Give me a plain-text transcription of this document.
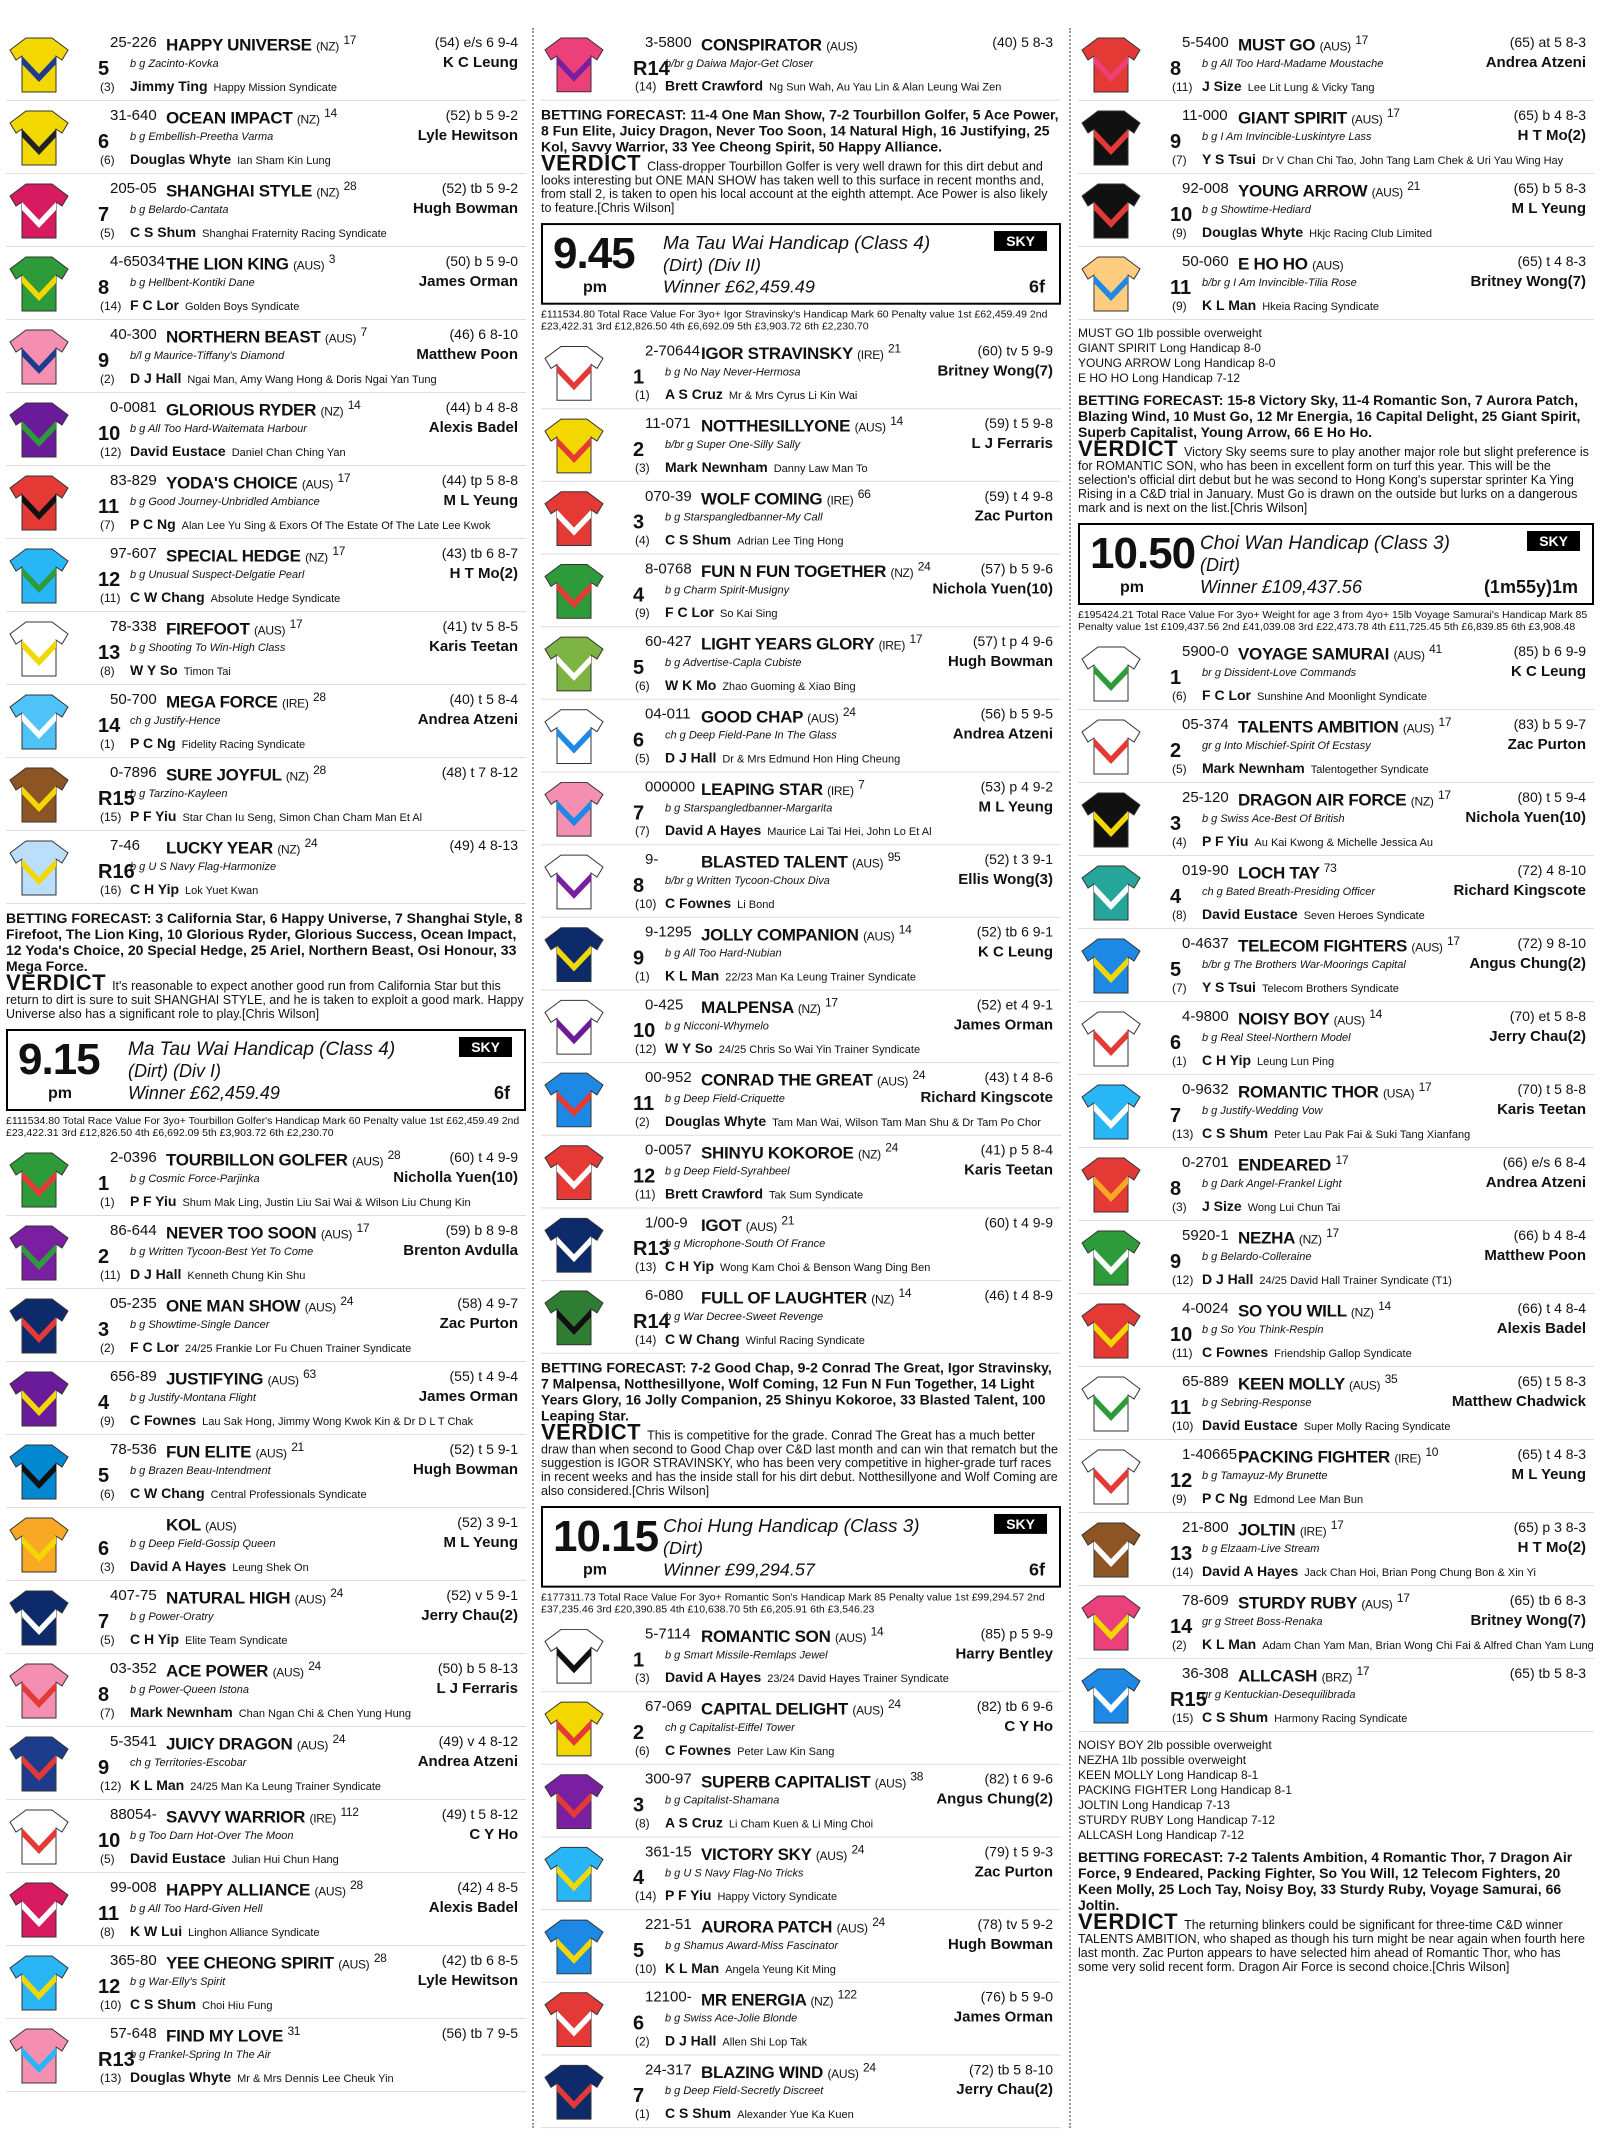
25-226 HAPPY UNIVERSE (NZ) $^{17}$	(54) e/s 6 9-4
5
(3)
b g Zacinto-Kovka	K C Leung
Jimmy Ting Happy Mission Syndicate
31-640 OCEAN IMPACT (NZ) $^{14}$	(52) b 5 9-2
6
(6)
b g Embellish-Preetha Varma	Lyle Hewitson
Douglas Whyte Ian Sham Kin Lung
205-05 SHANGHAI STYLE (NZ) $^{28}$	(52) tb 5 9-2
7
(5)
b g Belardo-Cantata	Hugh Bowman
C S Shum Shanghai Fraternity Racing Syndicate
4-65034 THE LION KING (AUS) $^3$	(50) b 5 9-0
8
(14)
b g Hellbent-Kontiki Dane	James Orman
F C Lor Golden Boys Syndicate
40-300 NORTHERN BEAST (AUS) $^7$	(46) 6 8-10
9
(2)
b/l g Maurice-Tiffany's Diamond	Matthew Poon
D J Hall Ngai Man, Amy Wang Hong & Doris Ngai Yan Tung
0-0081 GLORIOUS RYDER (NZ) $^{14}$	(44) b 4 8-8
10
(12)
b g All Too Hard-Waitemata Harbour	Alexis Badel
David Eustace Daniel Chan Ching Yan
83-829 YODA'S CHOICE (AUS) $^{17}$	(44) tp 5 8-8
11
(7)
b g Good Journey-Unbridled Ambiance	M L Yeung
P C Ng Alan Lee Yu Sing & Exors Of The Estate Of The Late Lee Kwok
97-607 SPECIAL HEDGE (NZ) $^{17}$	(43) tb 6 8-7
12
(11)
b g Unusual Suspect-Delgatie Pearl	H T Mo(2)
C W Chang Absolute Hedge Syndicate
78-338 FIREFOOT (AUS) $^{17}$	(41) tv 5 8-5
13
(8)
b g Shooting To Win-High Class	Karis Teetan
W Y So Timon Tai
50-700 MEGA FORCE (IRE) $^{28}$	(40) t 5 8-4
14
(1)
ch g Justify-Hence	Andrea Atzeni
P C Ng Fidelity Racing Syndicate
0-7896 SURE JOYFUL (NZ) $^{28}$	(48) t 7 8-12
R15
(15)
b g Tarzino-Kayleen
P F Yiu Star Chan Iu Seng, Simon Chan Cham Man Et Al
7-46 LUCKY YEAR (NZ) $^{24}$	(49) 4 8-13
R16
(16)
b g U S Navy Flag-Harmonize
C H Yip Lok Yuet Kwan
BETTING FORECAST: 3 California Star, 6 Happy Universe, 7 Shanghai Style, 8 Firefoot, The Lion King, 10 Glorious Ryder, Glorious Success, Ocean Impact, 12 Yoda's Choice, 20 Special Hedge, 25 Ariel, Northern Beast, Osi Honour, 33 Mega Force.
VERDICT It's reasonable to expect another good run from California Star but this return to dirt is sure to suit SHANGHAI STYLE, and he is taken to exploit a good mark. Happy Universe also has a significant role to play.[Chris Wilson]
9.15
pm
Ma Tau Wai Handicap (Class 4)
(Dirt) (Div I)
Winner £62,459.49
SKY
6f
£111534.80 Total Race Value For 3yo+ Tourbillon Golfer's Handicap Mark 60 Penalty value 1st £62,459.49 2nd £23,422.31 3rd £12,826.50 4th £6,692.09 5th £3,903.72 6th £2,230.70
2-0396 TOURBILLON GOLFER (AUS) $^{28}$	(60) t 4 9-9
1
(1)
b g Cosmic Force-Parjinka	Nicholla Yuen(10)
P F Yiu Shum Mak Ling, Justin Liu Sai Wai & Wilson Liu Chung Kin
86-644 NEVER TOO SOON (AUS) $^{17}$	(59) b 8 9-8
2
(11)
b g Written Tycoon-Best Yet To Come	Brenton Avdulla
D J Hall Kenneth Chung Kin Shu
05-235 ONE MAN SHOW (AUS) $^{24}$	(58) 4 9-7
3
(2)
b g Showtime-Single Dancer	Zac Purton
F C Lor 24/25 Frankie Lor Fu Chuen Trainer Syndicate
656-89 JUSTIFYING (AUS) $^{63}$	(55) t 4 9-4
4
(9)
b g Justify-Montana Flight	James Orman
C Fownes Lau Sak Hong, Jimmy Wong Kwok Kin & Dr D L T Chak
78-536 FUN ELITE (AUS) $^{21}$	(52) t 5 9-1
5
(6)
b g Brazen Beau-Intendment	Hugh Bowman
C W Chang Central Professionals Syndicate
KOL (AUS)	(52) 3 9-1
6
(3)
b g Deep Field-Gossip Queen	M L Yeung
David A Hayes Leung Shek On
407-75 NATURAL HIGH (AUS) $^{24}$	(52) v 5 9-1
7
(5)
b g Power-Oratry	Jerry Chau(2)
C H Yip Elite Team Syndicate
03-352 ACE POWER (AUS) $^{24}$	(50) b 5 8-13
8
(7)
b g Power-Queen Istona	L J Ferraris
Mark Newnham Chan Ngan Chi & Chen Yung Hung
5-3541 JUICY DRAGON (AUS) $^{24}$	(49) v 4 8-12
9
(12)
ch g Territories-Escobar	Andrea Atzeni
K L Man 24/25 Man Ka Leung Trainer Syndicate
88054- SAVVY WARRIOR (IRE) $^{112}$	(49) t 5 8-12
10
(5)
b g Too Darn Hot-Over The Moon	C Y Ho
David Eustace Julian Hui Chun Hang
99-008 HAPPY ALLIANCE (AUS) $^{28}$	(42) 4 8-5
11
(8)
b g All Too Hard-Given Hell	Alexis Badel
K W Lui Linghon Alliance Syndicate
365-80 YEE CHEONG SPIRIT (AUS) $^{28}$	(42) tb 6 8-5
12
(10)
b g War-Elly's Spirit	Lyle Hewitson
C S Shum Choi Hiu Fung
57-648 FIND MY LOVE $^{31}$	(56) tb 7 9-5
R13
(13)
b g Frankel-Spring In The Air
Douglas Whyte Mr & Mrs Dennis Lee Cheuk Yin
3-5800 CONSPIRATOR (AUS)	(40) 5 8-3
R14
(14)
b/br g Daiwa Major-Get Closer
Brett Crawford Ng Sun Wah, Au Yau Lin & Alan Leung Wai Zen
BETTING FORECAST: 11-4 One Man Show, 7-2 Tourbillon Golfer, 5 Ace Power, 8 Fun Elite, Juicy Dragon, Never Too Soon, 14 Natural High, 16 Justifying, 25 Kol, Savvy Warrior, 33 Yee Cheong Spirit, 50 Happy Alliance.
VERDICT Class-dropper Tourbillon Golfer is very well drawn for this dirt debut and looks interesting but ONE MAN SHOW has taken well to this surface in recent months and, from stall 2, is taken to open his local account at the eighth attempt. Ace Power is also likely to feature.[Chris Wilson]
9.45
pm
Ma Tau Wai Handicap (Class 4)
(Dirt) (Div II)
Winner £62,459.49
SKY
6f
£111534.80 Total Race Value For 3yo+ Igor Stravinsky's Handicap Mark 60 Penalty value 1st £62,459.49 2nd £23,422.31 3rd £12,826.50 4th £6,692.09 5th £3,903.72 6th £2,230.70
2-70644 IGOR STRAVINSKY (IRE) $^{21}$	(60) tv 5 9-9
1
(1)
b g No Nay Never-Hermosa	Britney Wong(7)
A S Cruz Mr & Mrs Cyrus Li Kin Wai
11-071 NOTTHESILLYONE (AUS) $^{14}$	(59) t 5 9-8
2
(3)
b/br g Super One-Silly Sally	L J Ferraris
Mark Newnham Danny Law Man To
070-39 WOLF COMING (IRE) $^{66}$	(59) t 4 9-8
3
(4)
b g Starspangledbanner-My Call	Zac Purton
C S Shum Adrian Lee Ting Hong
8-0768 FUN N FUN TOGETHER (NZ) $^{24}$	(57) b 5 9-6
4
(9)
b g Charm Spirit-Musigny	Nichola Yuen(10)
F C Lor So Kai Sing
60-427 LIGHT YEARS GLORY (IRE) $^{17}$	(57) t p 4 9-6
5
(6)
b g Advertise-Capla Cubiste	Hugh Bowman
W K Mo Zhao Guoming & Xiao Bing
04-011 GOOD CHAP (AUS) $^{24}$	(56) b 5 9-5
6
(5)
ch g Deep Field-Pane In The Glass	Andrea Atzeni
D J Hall Dr & Mrs Edmund Hon Hing Cheung
000000 LEAPING STAR (IRE) $^7$	(53) p 4 9-2
7
(7)
b g Starspangledbanner-Margarita	M L Yeung
David A Hayes Maurice Lai Tai Hei, John Lo Et Al
9-	BLASTED TALENT (AUS) $^{95}$	(52) t 3 9-1
8
(10)
b/br g Written Tycoon-Choux Diva	Ellis Wong(3)
C Fownes Li Bond
9-1295 JOLLY COMPANION (AUS) $^{14}$	(52) tb 6 9-1
9
(1)
b g All Too Hard-Nubian	K C Leung
K L Man 22/23 Man Ka Leung Trainer Syndicate
0-425 MALPENSA (NZ) $^{17}$	(52) et 4 9-1
10
(12)
b g Nicconi-Whymelo	James Orman
W Y So 24/25 Chris So Wai Yin Trainer Syndicate
00-952 CONRAD THE GREAT (AUS) $^{24}$	(43) t 4 8-6
11
(2)
b g Deep Field-Criquette	Richard Kingscote
Douglas Whyte Tam Man Wai, Wilson Tam Man Shu & Dr Tam Po Chor
0-0057 SHINYU KOKOROE (NZ) $^{24}$	(41) p 5 8-4
12
(11)
b g Deep Field-Syrahbeel	Karis Teetan
Brett Crawford Tak Sum Syndicate
1/00-9 IGOT (AUS) $^{21}$	(60) t 4 9-9
R13
(13)
b g Microphone-South Of France
C H Yip Wong Kam Choi & Benson Wang Ding Ben
6-080 FULL OF LAUGHTER (NZ) $^{14}$	(46) t 4 8-9
R14
(14)
b g War Decree-Sweet Revenge
C W Chang Winful Racing Syndicate
BETTING FORECAST: 7-2 Good Chap, 9-2 Conrad The Great, Igor Stravinsky, 7 Malpensa, Notthesillyone, Wolf Coming, 12 Fun N Fun Together, 14 Light Years Glory, 16 Jolly Companion, 25 Shinyu Kokoroe, 33 Blasted Talent, 100 Leaping Star.
VERDICT This is competitive for the grade. Conrad The Great has a much better draw than when second to Good Chap over C&D last month and can win that rematch but the suggestion is IGOR STRAVINSKY, who has been very competitive in higher-grade turf races in recent weeks and has the inside stall for his dirt debut. Notthesillyone and Wolf Coming are also considered.[Chris Wilson]
10.15
pm
Choi Hung Handicap (Class 3)
(Dirt)
Winner £99,294.57
SKY
6f
£177311.73 Total Race Value For 3yo+ Romantic Son's Handicap Mark 85 Penalty value 1st £99,294.57 2nd £37,235.46 3rd £20,390.85 4th £10,638.70 5th £6,205.91 6th £3,546.23
5-7114 ROMANTIC SON (AUS) $^{14}$	(85) p 5 9-9
1
(3)
b g Smart Missile-Remlaps Jewel	Harry Bentley
David A Hayes 23/24 David Hayes Trainer Syndicate
67-069 CAPITAL DELIGHT (AUS) $^{24}$	(82) tb 6 9-6
2
(6)
ch g Capitalist-Eiffel Tower	C Y Ho
C Fownes Peter Law Kin Sang
300-97 SUPERB CAPITALIST (AUS) $^{38}$	(82) t 6 9-6
3
(8)
b g Capitalist-Shamana	Angus Chung(2)
A S Cruz Li Cham Kuen & Li Ming Choi
361-15 VICTORY SKY (AUS) $^{24}$	(79) t 5 9-3
4
(14)
b g U S Navy Flag-No Tricks	Zac Purton
P F Yiu Happy Victory Syndicate
221-51 AURORA PATCH (AUS) $^{24}$	(78) tv 5 9-2
5
(10)
b g Shamus Award-Miss Fascinator	Hugh Bowman
K L Man Angela Yeung Kit Ming
12100- MR ENERGIA (NZ) $^{122}$	(76) b 5 9-0
6
(2)
b g Swiss Ace-Jolie Blonde	James Orman
D J Hall Allen Shi Lop Tak
24-317 BLAZING WIND (AUS) $^{24}$	(72) tb 5 8-10
7
(1)
b g Deep Field-Secretly Discreet	Jerry Chau(2)
C S Shum Alexander Yue Ka Kuen
5-5400 MUST GO (AUS) $^{17}$	(65) at 5 8-3
8
(11)
b g All Too Hard-Madame Moustache	Andrea Atzeni
J Size Lee Lit Lung & Vicky Tang
11-000 GIANT SPIRIT (AUS) $^{17}$	(65) b 4 8-3
9
(7)
b g I Am Invincible-Luskintyre Lass	H T Mo(2)
Y S Tsui Dr V Chan Chi Tao, John Tang Lam Chek & Uri Yau Wing Hay
92-008 YOUNG ARROW (AUS) $^{21}$	(65) b 5 8-3
10
(9)
b g Showtime-Hediard	M L Yeung
Douglas Whyte Hkjc Racing Club Limited
50-060 E HO HO (AUS)	(65) t 4 8-3
11
(9)
b/br g I Am Invincible-Tilia Rose	Britney Wong(7)
K L Man Hkeia Racing Syndicate
MUST GO 1lb possible overweight
GIANT SPIRIT Long Handicap 8-0
YOUNG ARROW Long Handicap 8-0
E HO HO Long Handicap 7-12
BETTING FORECAST: 15-8 Victory Sky, 11-4 Romantic Son, 7 Aurora Patch, Blazing Wind, 10 Must Go, 12 Mr Energia, 16 Capital Delight, 25 Giant Spirit, Superb Capitalist, Young Arrow, 66 E Ho Ho.
VERDICT Victory Sky seems sure to play another major role but slight preference is for ROMANTIC SON, who has been in excellent form on turf this year. This will be the selection's official dirt debut but he was second to Hong Kong's superstar sprinter Ka Ying Rising in a C&D trial in January. Must Go is drawn on the outside but lurks on a dangerous mark and is next on the list.[Chris Wilson]
10.50
pm
Choi Wan Handicap (Class 3)
(Dirt)
Winner £109,437.56
SKY
(1m55y)1m
£195424.21 Total Race Value For 3yo+ Weight for age 3 from 4yo+ 15lb Voyage Samurai's Handicap Mark 85 Penalty value 1st £109,437.56 2nd £41,039.08 3rd £22,473.78 4th £11,725.45 5th £6,839.85 6th £3,908.48
5900-0 VOYAGE SAMURAI (AUS) $^{41}$	(85) b 6 9-9
1
(6)
br g Dissident-Love Commands	K C Leung
F C Lor Sunshine And Moonlight Syndicate
05-374 TALENTS AMBITION (AUS) $^{17}$	(83) b 5 9-7
2
(5)
gr g Into Mischief-Spirit Of Ecstasy	Zac Purton
Mark Newnham Talentogether Syndicate
25-120 DRAGON AIR FORCE (NZ) $^{17}$	(80) t 5 9-4
3
(4)
b g Swiss Ace-Best Of British	Nichola Yuen(10)
P F Yiu Au Kai Kwong & Michelle Jessica Au
019-90 LOCH TAY $^{73}$	(72) 4 8-10
4
(8)
ch g Bated Breath-Presiding Officer	Richard Kingscote
David Eustace Seven Heroes Syndicate
0-4637 TELECOM FIGHTERS (AUS) $^{17}$	(72) 9 8-10
5
(7)
b/br g The Brothers War-Moorings Capital	Angus Chung(2)
Y S Tsui Telecom Brothers Syndicate
4-9800 NOISY BOY (AUS) $^{14}$	(70) et 5 8-8
6
(1)
b g Real Steel-Northern Model	Jerry Chau(2)
C H Yip Leung Lun Ping
0-9632 ROMANTIC THOR (USA) $^{17}$	(70) t 5 8-8
7
(13)
b g Justify-Wedding Vow	Karis Teetan
C S Shum Peter Lau Pak Fai & Suki Tang Xianfang
0-2701 ENDEARED $^{17}$	(66) e/s 6 8-4
8
(3)
b g Dark Angel-Frankel Light	Andrea Atzeni
J Size Wong Lui Chun Tai
5920-1 NEZHA (NZ) $^{17}$	(66) b 4 8-4
9
(12)
b g Belardo-Colleraine	Matthew Poon
D J Hall 24/25 David Hall Trainer Syndicate (T1)
4-0024 SO YOU WILL (NZ) $^{14}$	(66) t 4 8-4
10
(11)
b g So You Think-Respin	Alexis Badel
C Fownes Friendship Gallop Syndicate
65-889 KEEN MOLLY (AUS) $^{35}$	(65) t 5 8-3
11
(10)
b g Sebring-Response	Matthew Chadwick
David Eustace Super Molly Racing Syndicate
1-40665 PACKING FIGHTER (IRE) $^{10}$	(65) t 4 8-3
12
(9)
b g Tamayuz-My Brunette	M L Yeung
P C Ng Edmond Lee Man Bun
21-800 JOLTIN (IRE) $^{17}$	(65) p 3 8-3
13
(14)
b g Elzaam-Live Stream	H T Mo(2)
David A Hayes Jack Chan Hoi, Brian Pong Chung Bon & Xin Yi
78-609 STURDY RUBY (AUS) $^{17}$	(65) tb 6 8-3
14
(2)
gr g Street Boss-Renaka	Britney Wong(7)
K L Man Adam Chan Yam Man, Brian Wong Chi Fai & Alfred Chan Yam Lung
36-308 ALLCASH (BRZ) $^{17}$	(65) tb 5 8-3
R15
(15)
gr g Kentuckian-Desequilibrada
C S Shum Harmony Racing Syndicate
NOISY BOY 2lb possible overweight
NEZHA 1lb possible overweight
KEEN MOLLY Long Handicap 8-1
PACKING FIGHTER Long Handicap 8-1
JOLTIN Long Handicap 7-13
STURDY RUBY Long Handicap 7-12
ALLCASH Long Handicap 7-12
BETTING FORECAST: 7-2 Talents Ambition, 4 Romantic Thor, 7 Dragon Air Force, 9 Endeared, Packing Fighter, So You Will, 12 Telecom Fighters, 20 Keen Molly, 25 Loch Tay, Noisy Boy, 33 Sturdy Ruby, Voyage Samurai, 66 Joltin.
VERDICT The returning blinkers could be significant for three-time C&D winner TALENTS AMBITION, who shaped as though his turn might be near again when fourth here last month. Zac Purton appears to have selected him ahead of Romantic Thor, who has some very solid recent form. Dragon Air Force is second choice.[Chris Wilson]
